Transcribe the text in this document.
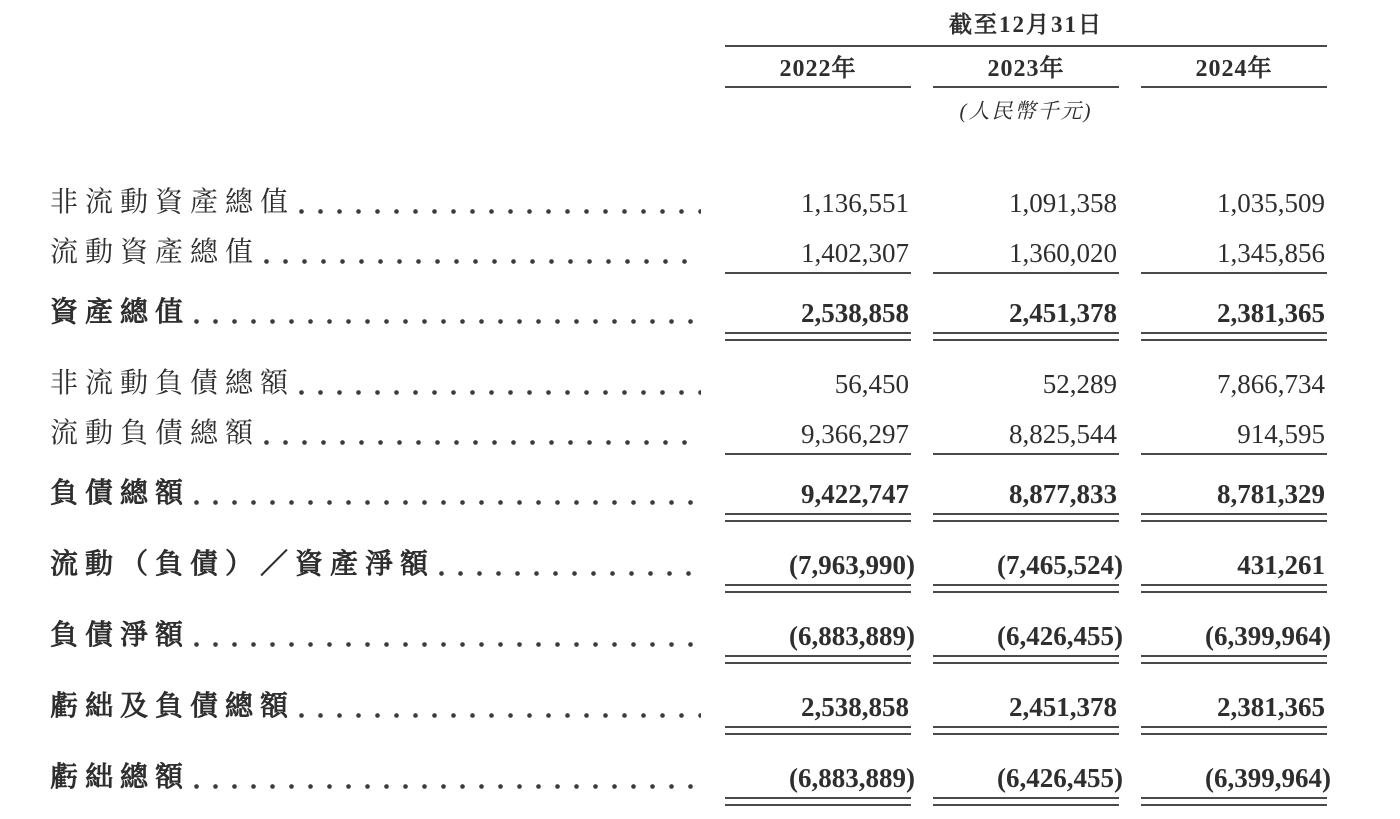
截至12月31日
2022年	2023年	2024年
(人民幣千元)
非流動資產總值	1,136,551	1,091,358	1,035,509
流動資產總值	1,402,307	1,360,020	1,345,856
資產總值	2,538,858	2,451,378	2,381,365
非流動負債總額	56,450	52,289	7,866,734
流動負債總額	9,366,297	8,825,544	914,595
負債總額	9,422,747	8,877,833	8,781,329
流動（負債）／資產淨額	(7,963,990)	(7,465,524)	431,261
負債淨額	(6,883,889)	(6,426,455)	(6,399,964)
虧絀及負債總額	2,538,858	2,451,378	2,381,365
虧絀總額	(6,883,889)	(6,426,455)	(6,399,964)
